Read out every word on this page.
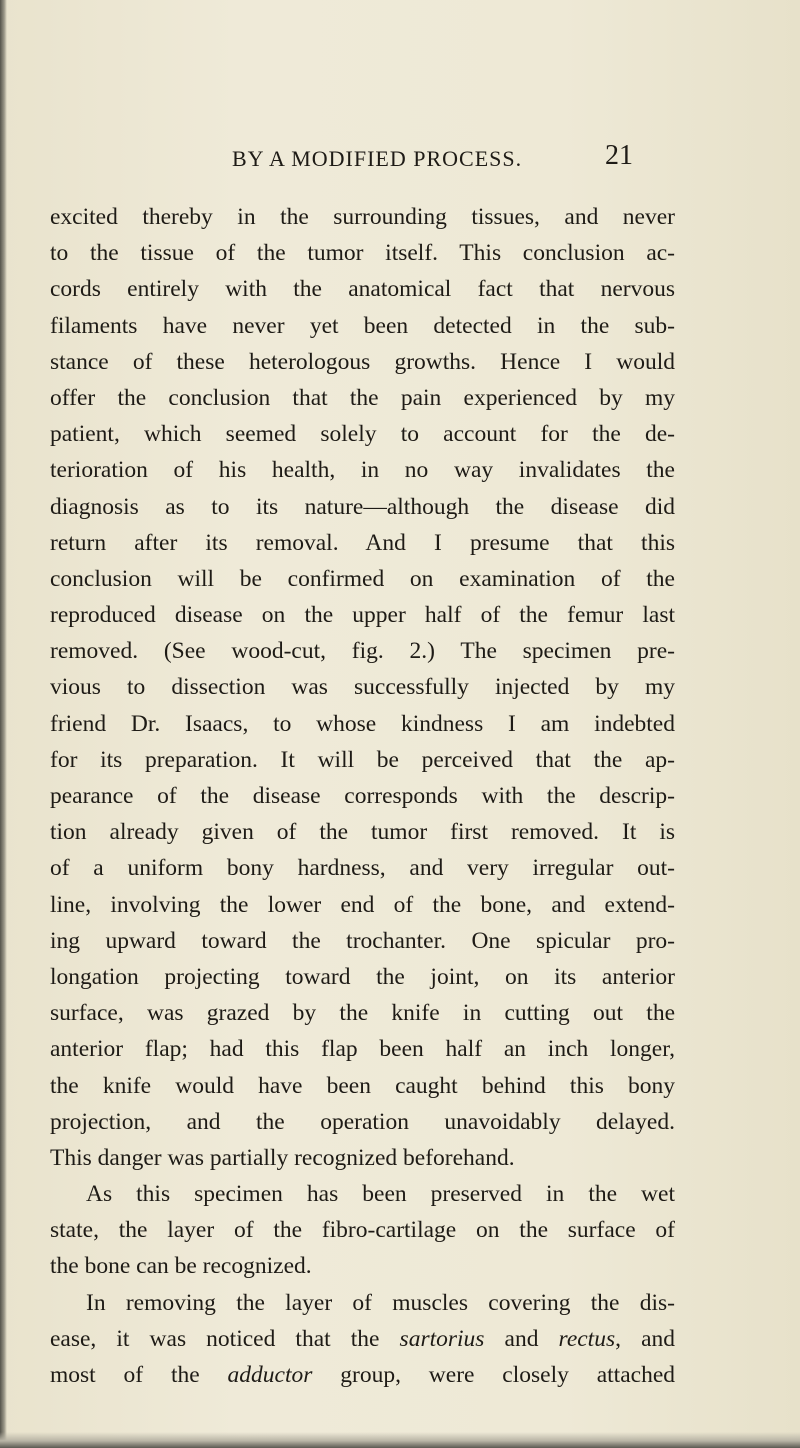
BY A MODIFIED PROCESS.	21
excited thereby in the surrounding tissues, and never
to the tissue of the tumor itself. This conclusion ac-
cords entirely with the anatomical fact that nervous
filaments have never yet been detected in the sub-
stance of these heterologous growths. Hence I would
offer the conclusion that the pain experienced by my
patient, which seemed solely to account for the de-
terioration of his health, in no way invalidates the
diagnosis as to its nature—although the disease did
return after its removal. And I presume that this
conclusion will be confirmed on examination of the
reproduced disease on the upper half of the femur last
removed. (See wood-cut, fig. 2.) The specimen pre-
vious to dissection was successfully injected by my
friend Dr. Isaacs, to whose kindness I am indebted
for its preparation. It will be perceived that the ap-
pearance of the disease corresponds with the descrip-
tion already given of the tumor first removed. It is
of a uniform bony hardness, and very irregular out-
line, involving the lower end of the bone, and extend-
ing upward toward the trochanter. One spicular pro-
longation projecting toward the joint, on its anterior
surface, was grazed by the knife in cutting out the
anterior flap; had this flap been half an inch longer,
the knife would have been caught behind this bony
projection, and the operation unavoidably delayed.
This danger was partially recognized beforehand.
As this specimen has been preserved in the wet
state, the layer of the fibro-cartilage on the surface of
the bone can be recognized.
In removing the layer of muscles covering the dis-
ease, it was noticed that the sartorius and rectus, and
most of the adductor group, were closely attached
